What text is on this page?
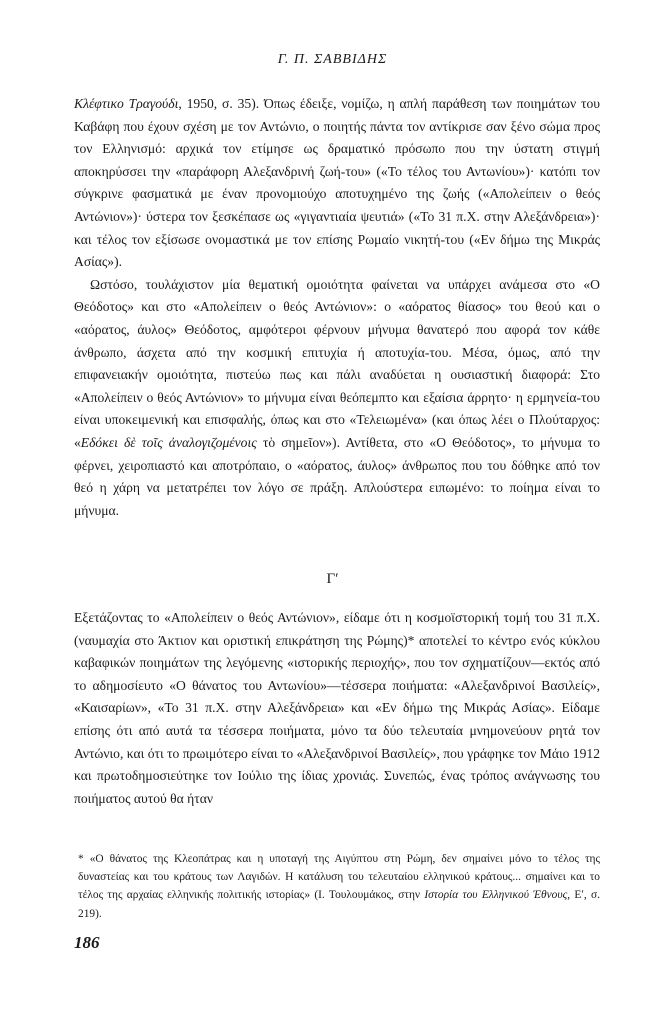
Γ. Π. ΣΑΒΒΙΔΗΣ

Κλέφτικο Τραγούδι, 1950, σ. 35). Όπως έδειξε, νομίζω, η απλή παράθεση των ποιημάτων του Καβάφη που έχουν σχέση με τον Αντώνιο, ο ποιητής πάντα τον αντίκρισε σαν ξένο σώμα προς τον Ελληνισμό: αρχικά τον ετίμησε ως δραματικό πρόσωπο που την ύστατη στιγμή αποκηρύσσει την «παράφορη Αλεξανδρινή ζωή-του» («Το τέλος του Αντωνίου»)· κατόπι τον σύγκρινε φασματικά με έναν προνομιούχο αποτυχημένο της ζωής («Απολείπειν ο θεός Αντώνιον»)· ύστερα τον ξεσκέπασε ως «γιγαντιαία ψευτιά» («Το 31 π.Χ. στην Αλεξάνδρεια»)· και τέλος τον εξίσωσε ονομαστικά με τον επίσης Ρωμαίο νικητή-του («Εν δήμω της Μικράς Ασίας»).

Ωστόσο, τουλάχιστον μία θεματική ομοιότητα φαίνεται να υπάρχει ανάμεσα στο «Ο Θεόδοτος» και στο «Απολείπειν ο θεός Αντώνιον»: ο «αόρατος θίασος» του θεού και ο «αόρατος, άυλος» Θεόδοτος, αμφότεροι φέρνουν μήνυμα θανατερό που αφορά τον κάθε άνθρωπο, άσχετα από την κοσμική επιτυχία ή αποτυχία-του. Μέσα, όμως, από την επιφανειακήν ομοιότητα, πιστεύω πως και πάλι αναδύεται η ουσιαστική διαφορά: Στο «Απολείπειν ο θεός Αντώνιον» το μήνυμα είναι θεόπεμπτο και εξαίσια άρρητο· η ερμηνεία-του είναι υποκειμενική και επισφαλής, όπως και στο «Τελειωμένα» (και όπως λέει ο Πλούταρχος: «Εδόκει δὲ τοῖς ἀναλογιζομένοις τὸ σημεῖον»). Αντίθετα, στο «Ο Θεόδοτος», το μήνυμα το φέρνει, χειροπιαστό και αποτρόπαιο, ο «αόρατος, άυλος» άνθρωπος που του δόθηκε από τον θεό η χάρη να μετατρέπει τον λόγο σε πράξη. Απλούστερα ειπωμένο: το ποίημα είναι το μήνυμα.

Γʹ

Εξετάζοντας το «Απολείπειν ο θεός Αντώνιον», είδαμε ότι η κοσμοϊστορική τομή του 31 π.Χ. (ναυμαχία στο Άκτιον και οριστική επικράτηση της Ρώμης)* αποτελεί το κέντρο ενός κύκλου καβαφικών ποιημάτων της λεγόμενης «ιστορικής περιοχής», που τον σχηματίζουν—εκτός από το αδημοσίευτο «Ο θάνατος του Αντωνίου»—τέσσερα ποιήματα: «Αλεξανδρινοί Βασιλείς», «Καισαρίων», «Το 31 π.Χ. στην Αλεξάνδρεια» και «Εν δήμω της Μικράς Ασίας». Είδαμε επίσης ότι από αυτά τα τέσσερα ποιήματα, μόνο τα δύο τελευταία μνημονεύουν ρητά τον Αντώνιο, και ότι το πρωιμότερο είναι το «Αλεξανδρινοί Βασιλείς», που γράφηκε τον Μάιο 1912 και πρωτοδημοσιεύτηκε τον Ιούλιο της ίδιας χρονιάς. Συνεπώς, ένας τρόπος ανάγνωσης του ποιήματος αυτού θα ήταν

* «Ο θάνατος της Κλεοπάτρας και η υποταγή της Αιγύπτου στη Ρώμη, δεν σημαίνει μόνο το τέλος της δυναστείας και του κράτους των Λαγιδών. Η κατάλυση του τελευταίου ελληνικού κράτους... σημαίνει και το τέλος της αρχαίας ελληνικής πολιτικής ιστορίας» (Ι. Τουλουμάκος, στην Ιστορία του Ελληνικού Έθνους, Εʹ, σ. 219).
186
